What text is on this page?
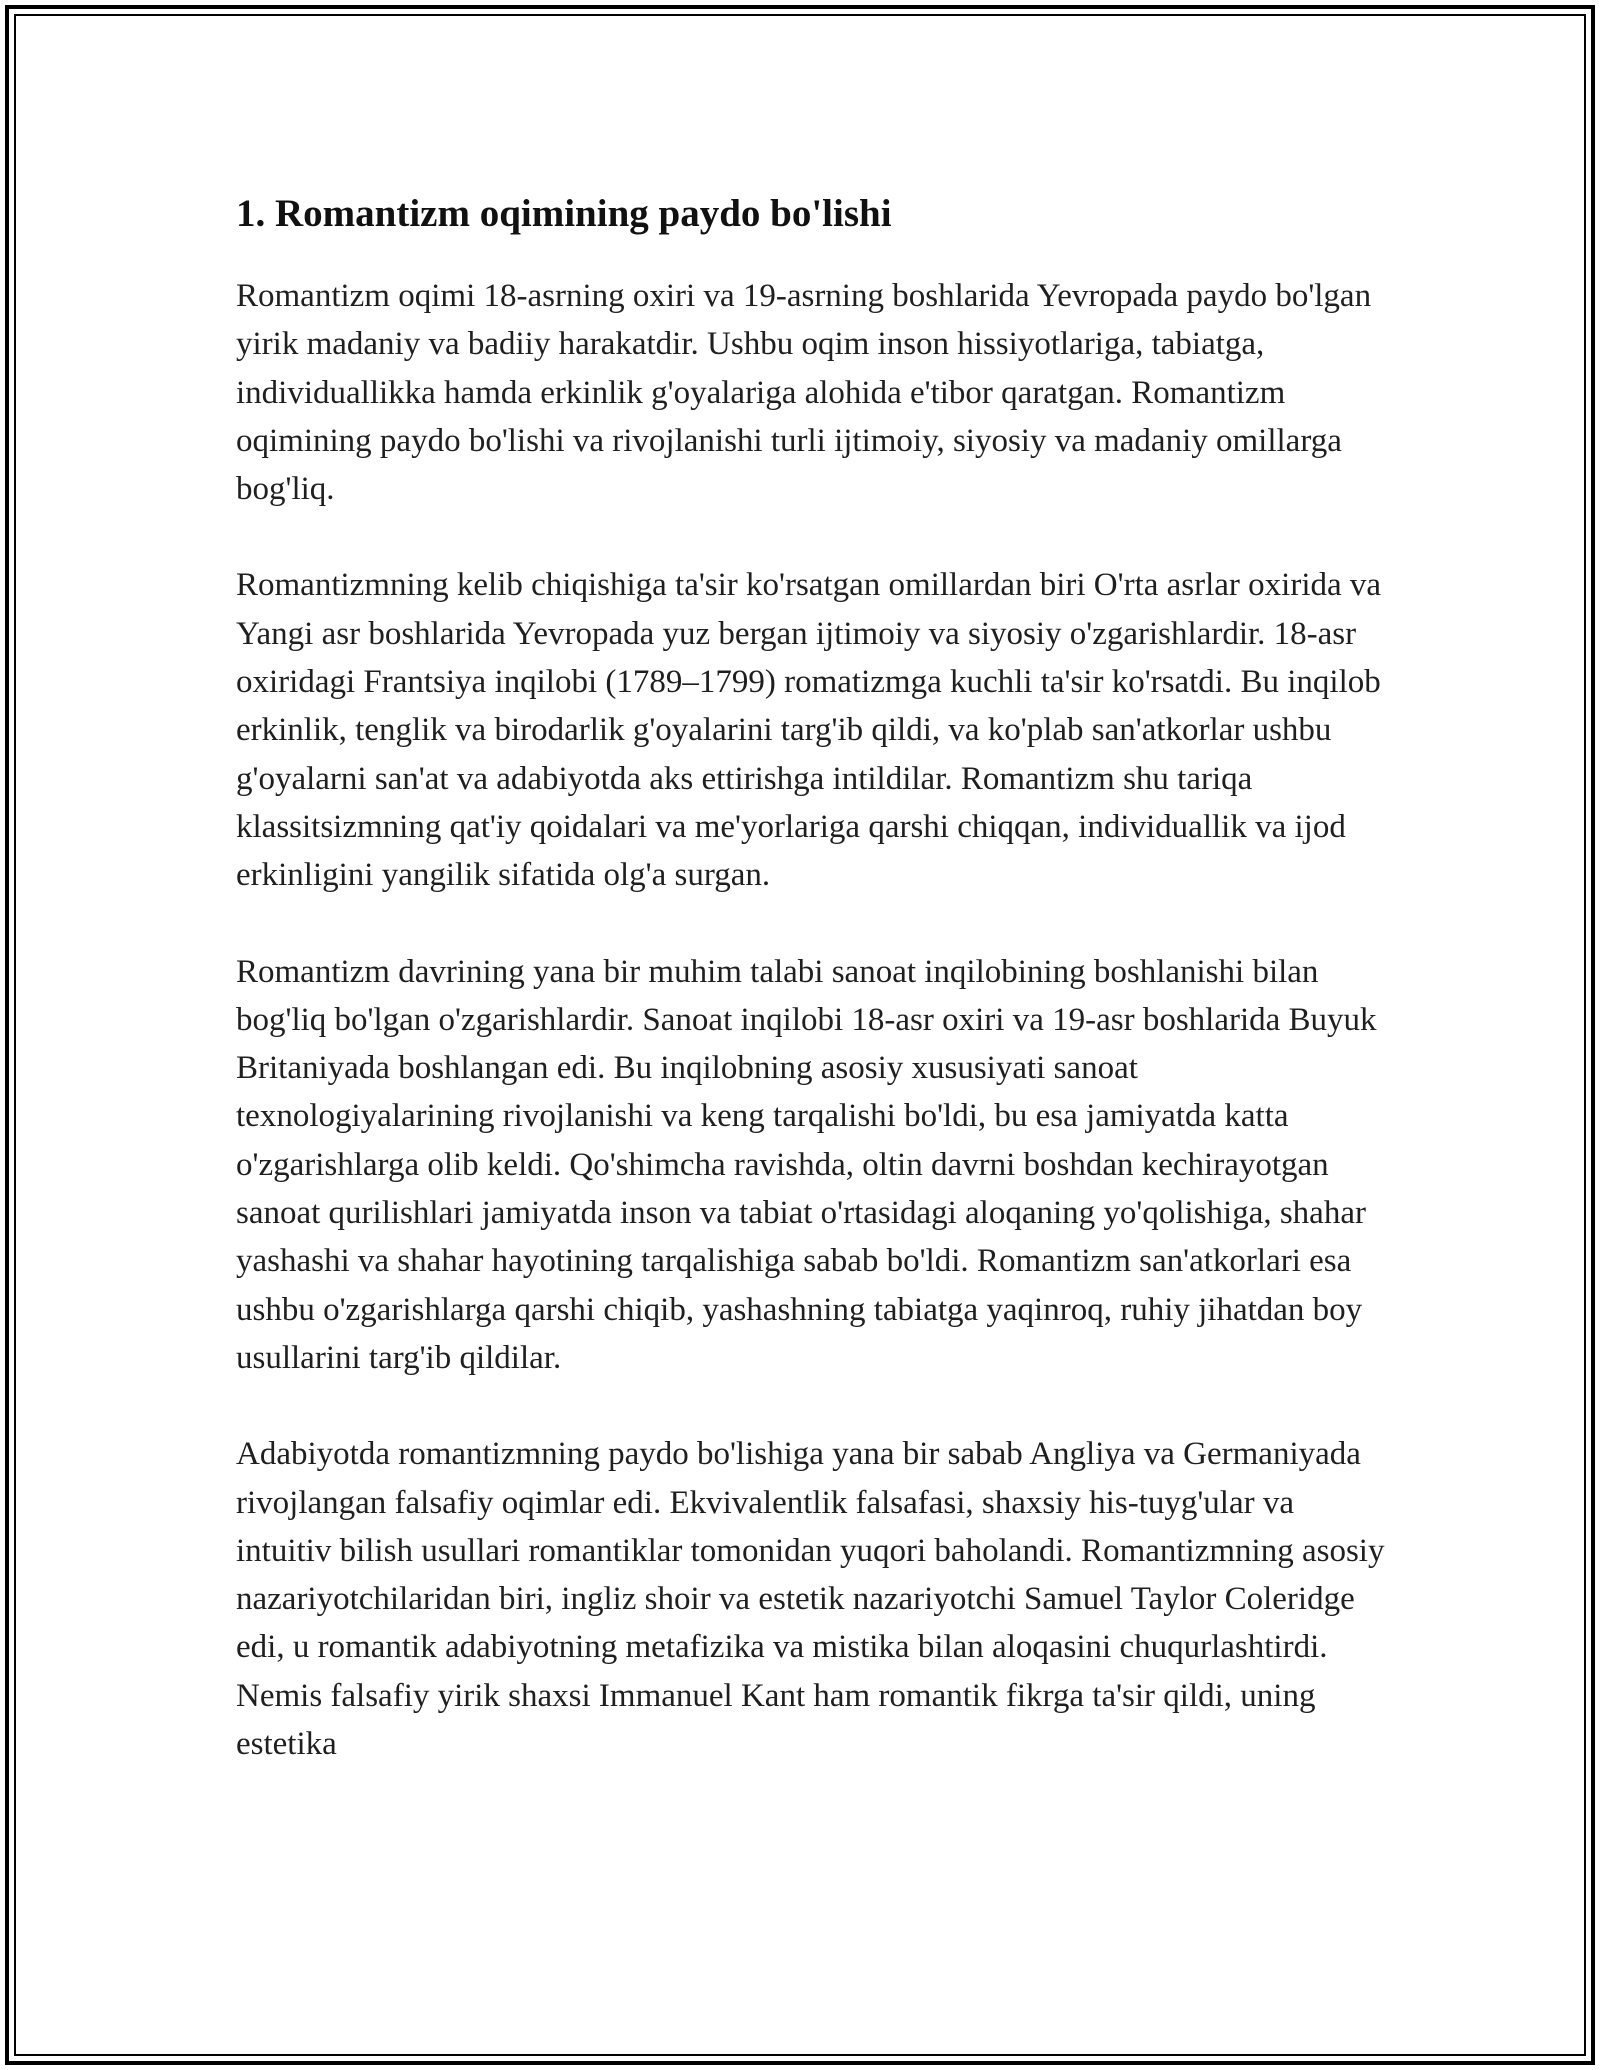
1. Romantizm oqimining paydo bo'lishi

Romantizm oqimi 18-asrning oxiri va 19-asrning boshlarida Yevropada paydo bo'lgan yirik madaniy va badiiy harakatdir. Ushbu oqim inson hissiyotlariga, tabiatga, individuallikka hamda erkinlik g'oyalariga alohida e'tibor qaratgan. Romantizm oqimining paydo bo'lishi va rivojlanishi turli ijtimoiy, siyosiy va madaniy omillarga bog'liq.

Romantizmning kelib chiqishiga ta'sir ko'rsatgan omillardan biri O'rta asrlar oxirida va Yangi asr boshlarida Yevropada yuz bergan ijtimoiy va siyosiy o'zgarishlardir. 18-asr oxiridagi Frantsiya inqilobi (1789–1799) romatizmga kuchli ta'sir ko'rsatdi. Bu inqilob erkinlik, tenglik va birodarlik g'oyalarini targ'ib qildi, va ko'plab san'atkorlar ushbu g'oyalarni san'at va adabiyotda aks ettirishga intildilar. Romantizm shu tariqa klassitsizmning qat'iy qoidalari va me'yorlariga qarshi chiqqan, individuallik va ijod erkinligini yangilik sifatida olg'a surgan.

Romantizm davrining yana bir muhim talabi sanoat inqilobining boshlanishi bilan bog'liq bo'lgan o'zgarishlardir. Sanoat inqilobi 18-asr oxiri va 19-asr boshlarida Buyuk Britaniyada boshlangan edi. Bu inqilobning asosiy xususiyati sanoat texnologiyalarining rivojlanishi va keng tarqalishi bo'ldi, bu esa jamiyatda katta o'zgarishlarga olib keldi. Qo'shimcha ravishda, oltin davrni boshdan kechirayotgan sanoat qurilishlari jamiyatda inson va tabiat o'rtasidagi aloqaning yo'qolishiga, shahar yashashi va shahar hayotining tarqalishiga sabab bo'ldi. Romantizm san'atkorlari esa ushbu o'zgarishlarga qarshi chiqib, yashashning tabiatga yaqinroq, ruhiy jihatdan boy usullarini targ'ib qildilar.

Adabiyotda romantizmning paydo bo'lishiga yana bir sabab Angliya va Germaniyada rivojlangan falsafiy oqimlar edi. Ekvivalentlik falsafasi, shaxsiy his-tuyg'ular va intuitiv bilish usullari romantiklar tomonidan yuqori baholandi. Romantizmning asosiy nazariyotchilaridan biri, ingliz shoir va estetik nazariyotchi Samuel Taylor Coleridge edi, u romantik adabiyotning metafizika va mistika bilan aloqasini chuqurlashtirdi. Nemis falsafiy yirik shaxsi Immanuel Kant ham romantik fikrga ta'sir qildi, uning estetika
